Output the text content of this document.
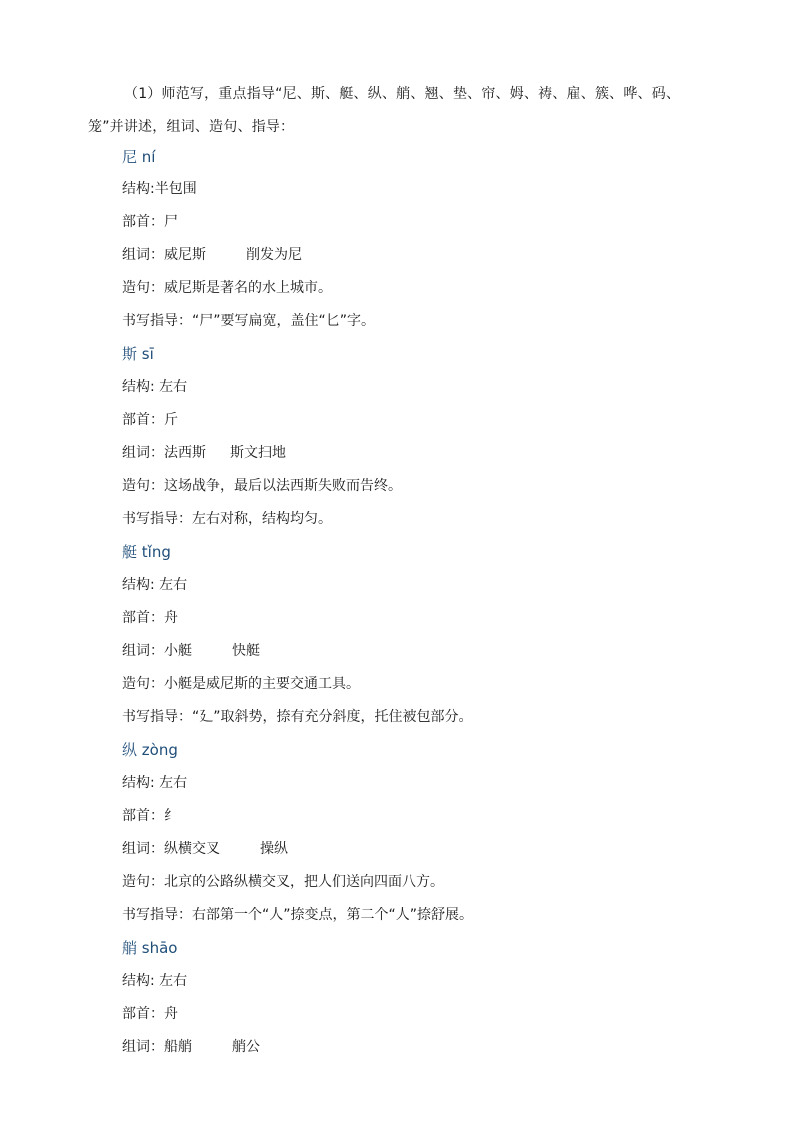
（1）师范写，重点指导“尼、斯、艇、纵、艄、翘、垫、帘、姆、祷、雇、簇、哗、码、笼”并讲述，组词、造句、指导：
尼 ní
结构:半包围
部首：尸
组词：威尼斯	削发为尼
造句：威尼斯是著名的水上城市。
书写指导：“尸”要写扁宽，盖住“匕”字。
斯 sī
结构: 左右
部首：斤
组词：法西斯 斯文扫地
造句：这场战争，最后以法西斯失败而告终。
书写指导：左右对称，结构均匀。
艇 tǐng
结构: 左右
部首：舟
组词：小艇	快艇
造句：小艇是威尼斯的主要交通工具。
书写指导：“廴”取斜势，捺有充分斜度，托住被包部分。
纵 zòng
结构: 左右
部首：纟
组词：纵横交叉	操纵
造句：北京的公路纵横交叉，把人们送向四面八方。
书写指导：右部第一个“人”捺变点，第二个“人”捺舒展。
艄 shāo
结构: 左右
部首：舟
组词：船艄	艄公
